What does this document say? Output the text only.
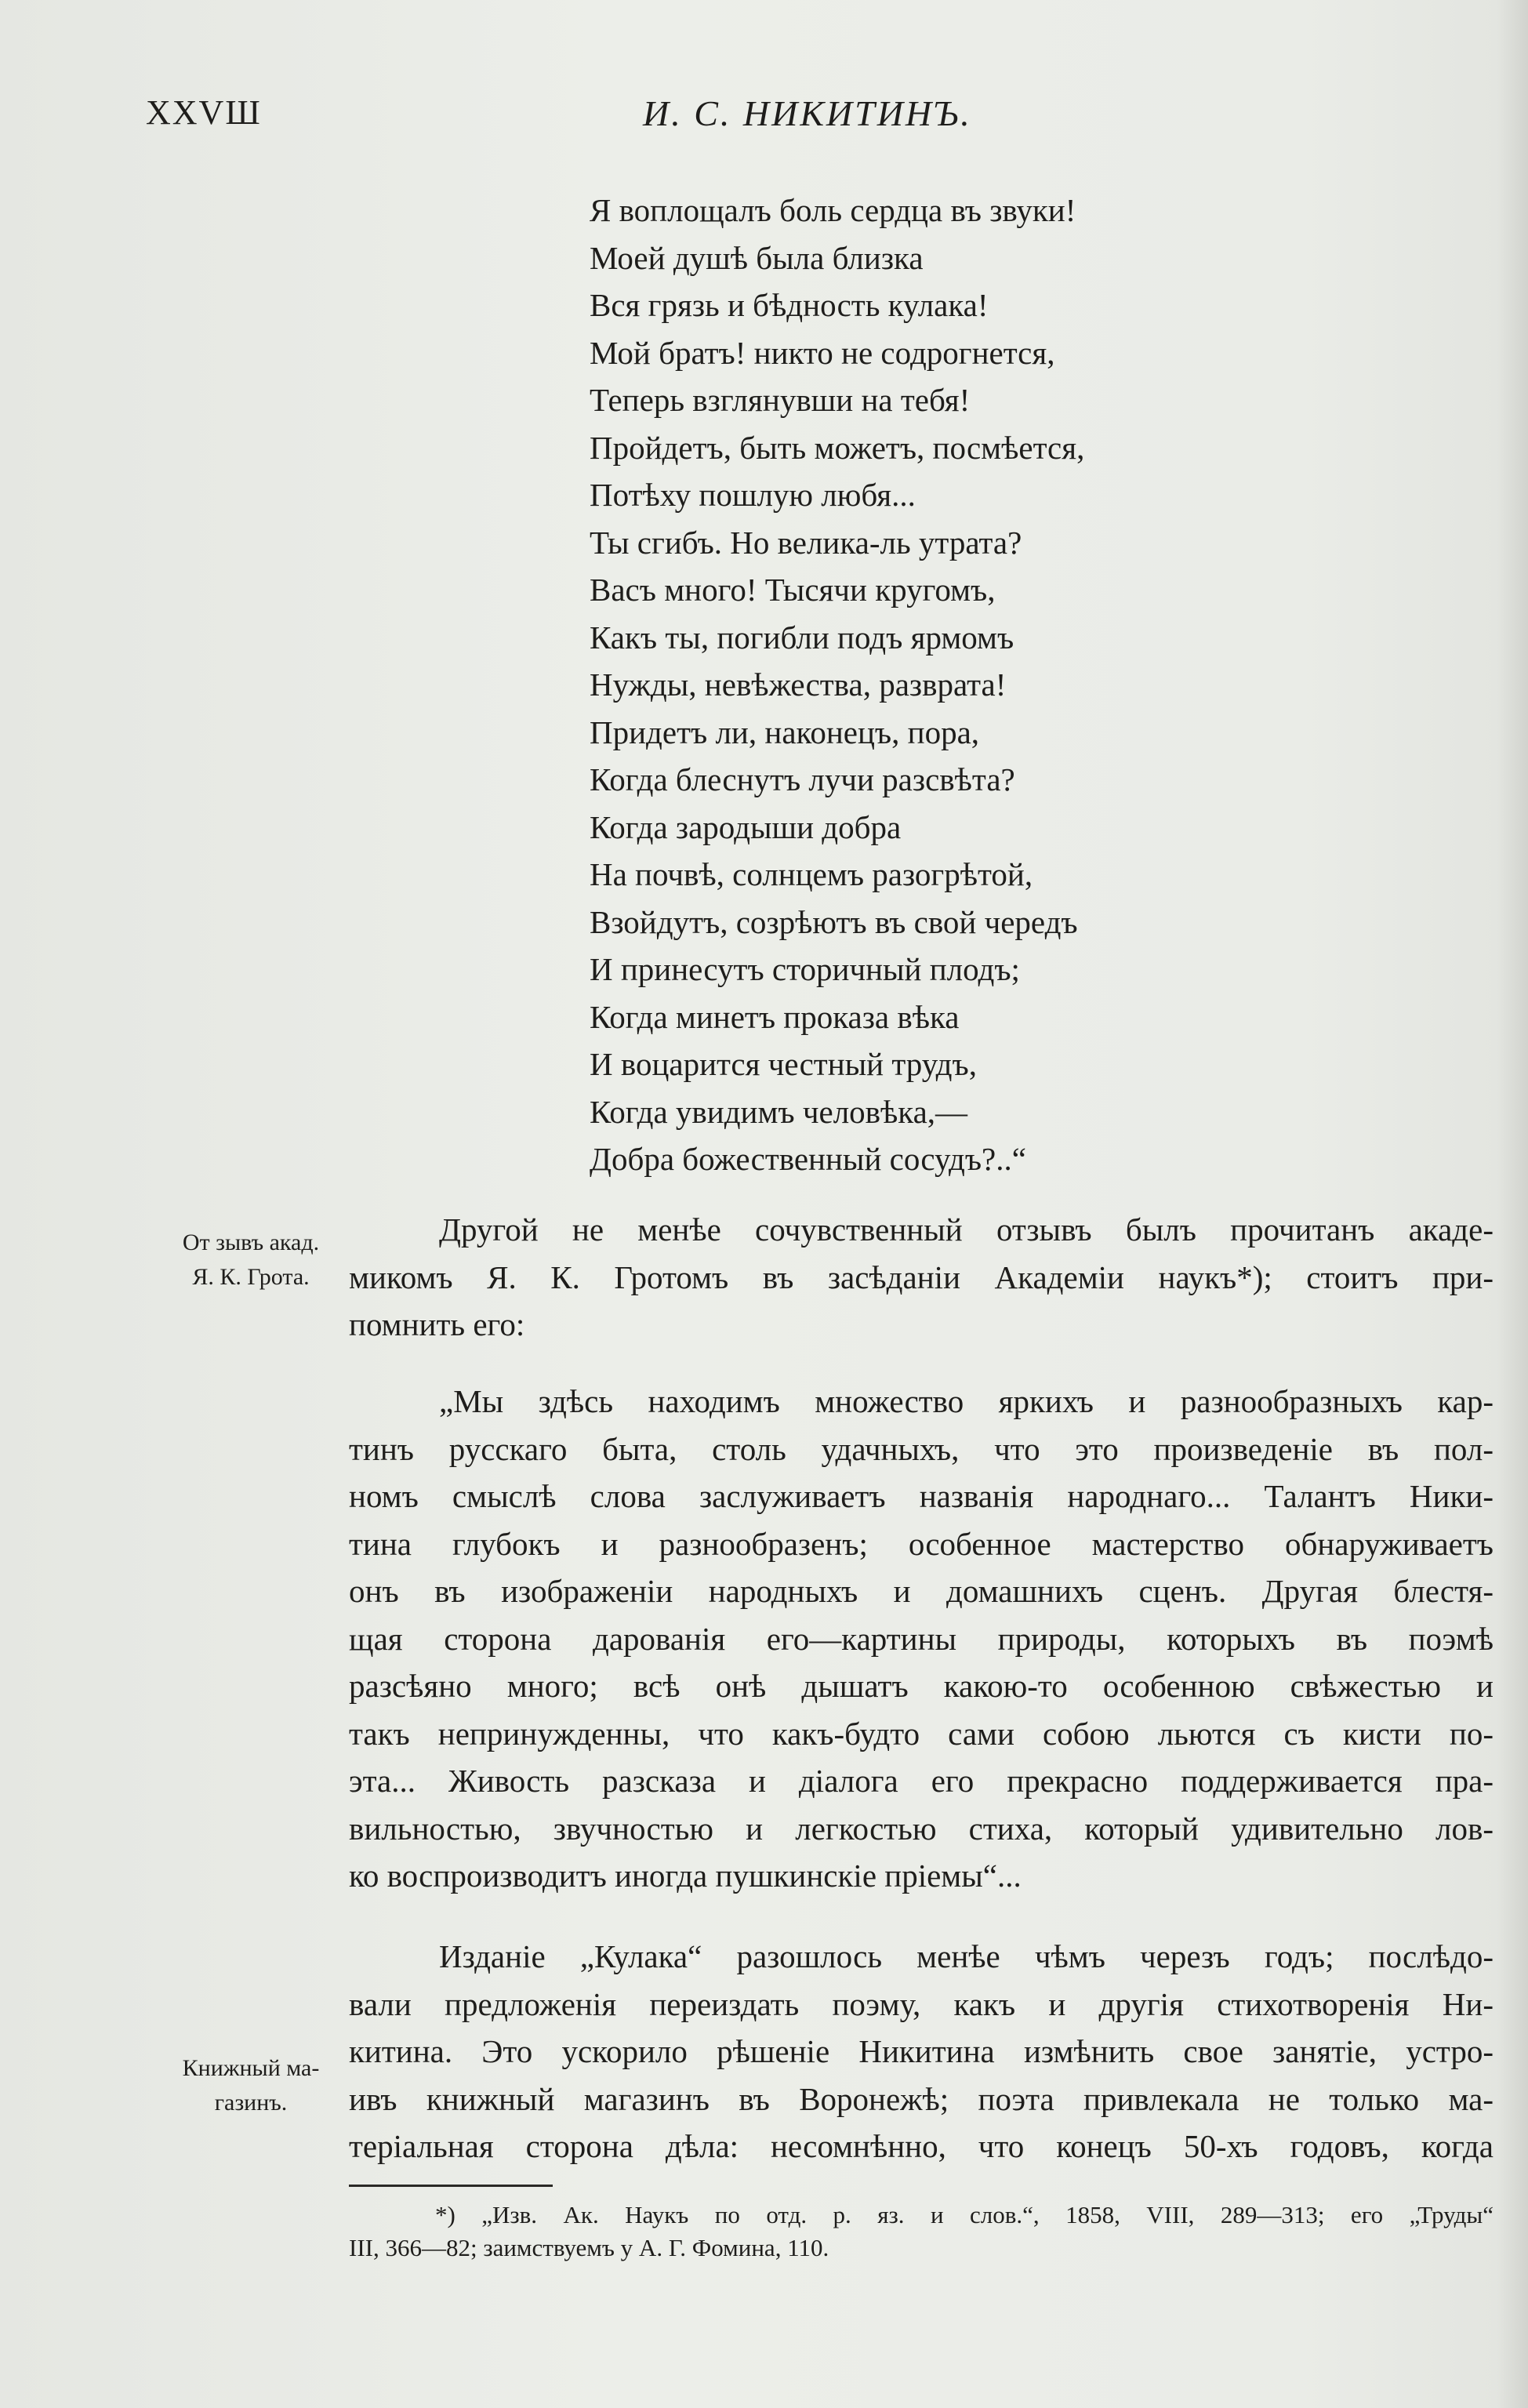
XXVШ	И. С. НИКИТИНЪ.
Я воплощалъ боль сердца въ звуки!
Моей душѣ была близка
Вся грязь и бѣдность кулака!
Мой братъ! никто не содрогнется,
Теперь взглянувши на тебя!
Пройдетъ, быть можетъ, посмѣется,
Потѣху пошлую любя...
Ты сгибъ. Но велика-ль утрата?
Васъ много! Тысячи кругомъ,
Какъ ты, погибли подъ ярмомъ
Нужды, невѣжества, разврата!
Придетъ ли, наконецъ, пора,
Когда блеснутъ лучи разсвѣта?
Когда зародыши добра
На почвѣ, солнцемъ разогрѣтой,
Взойдутъ, созрѣютъ въ свой чередъ
И принесутъ сторичный плодъ;
Когда минетъ проказа вѣка
И воцарится честный трудъ,
Когда увидимъ человѣка,—
Добра божественный сосудъ?..“
От зывъ акад.
Я. К. Грота.
Другой не менѣе сочувственный отзывъ былъ прочитанъ акаде-
микомъ Я. К. Гротомъ въ засѣданіи Академіи наукъ*); стоитъ при-
помнить его:
„Мы здѣсь находимъ множество яркихъ и разнообразныхъ кар-
тинъ русскаго быта, столь удачныхъ, что это произведеніе въ пол-
номъ смыслѣ слова заслуживаетъ названія народнаго... Талантъ Ники-
тина глубокъ и разнообразенъ; особенное мастерство обнаруживаетъ
онъ въ изображеніи народныхъ и домашнихъ сценъ. Другая блестя-
щая сторона дарованія его—картины природы, которыхъ въ поэмѣ
разсѣяно много; всѣ онѣ дышатъ какою-то особенною свѣжестью и
такъ непринужденны, что какъ-будто сами собою льются съ кисти по-
эта... Живость разсказа и діалога его прекрасно поддерживается пра-
вильностью, звучностью и легкостью стиха, который удивительно лов-
ко воспроизводитъ иногда пушкинскіе пріемы“...
Книжный ма-
газинъ.
Изданіе „Кулака“ разошлось менѣе чѣмъ черезъ годъ; послѣдо-
вали предложенія переиздать поэму, какъ и другія стихотворенія Ни-
китина. Это ускорило рѣшеніе Никитина измѣнить свое занятіе, устро-
ивъ книжный магазинъ въ Воронежѣ; поэта привлекала не только ма-
теріальная сторона дѣла: несомнѣнно, что конецъ 50-хъ годовъ, когда
*) „Изв. Ак. Наукъ по отд. р. яз. и слов.“, 1858, VIII, 289—313; его „Труды“
III, 366—82; заимствуемъ у А. Г. Фомина, 110.
